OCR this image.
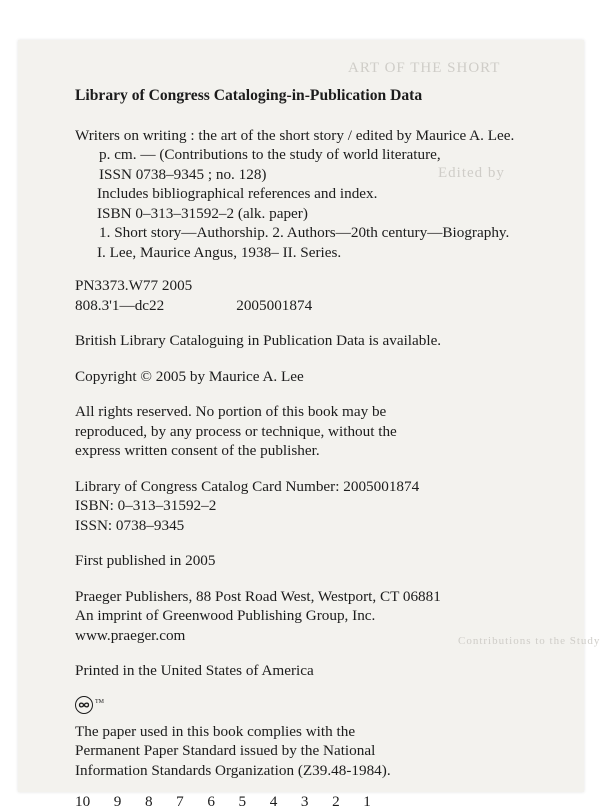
ART OF THE SHORT
Edited by
Contributions to the Study
Library of Congress Cataloging-in-Publication Data
Writers on writing : the art of the short story / edited by Maurice A. Lee.
p. cm. — (Contributions to the study of world literature,
ISSN 0738–9345 ; no. 128)
Includes bibliographical references and index.
ISBN 0–313–31592–2 (alk. paper)
1. Short story—Authorship. 2. Authors—20th century—Biography.
I. Lee, Maurice Angus, 1938– II. Series.
PN3373.W77 2005
808.3'1—dc22	2005001874
British Library Cataloguing in Publication Data is available.
Copyright © 2005 by Maurice A. Lee
All rights reserved. No portion of this book may be
reproduced, by any process or technique, without the
express written consent of the publisher.
Library of Congress Catalog Card Number: 2005001874
ISBN: 0–313–31592–2
ISSN: 0738–9345
First published in 2005
Praeger Publishers, 88 Post Road West, Westport, CT 06881
An imprint of Greenwood Publishing Group, Inc.
www.praeger.com
Printed in the United States of America
TM
The paper used in this book complies with the
Permanent Paper Standard issued by the National
Information Standards Organization (Z39.48-1984).
10  9  8  7  6  5  4  3  2  1
